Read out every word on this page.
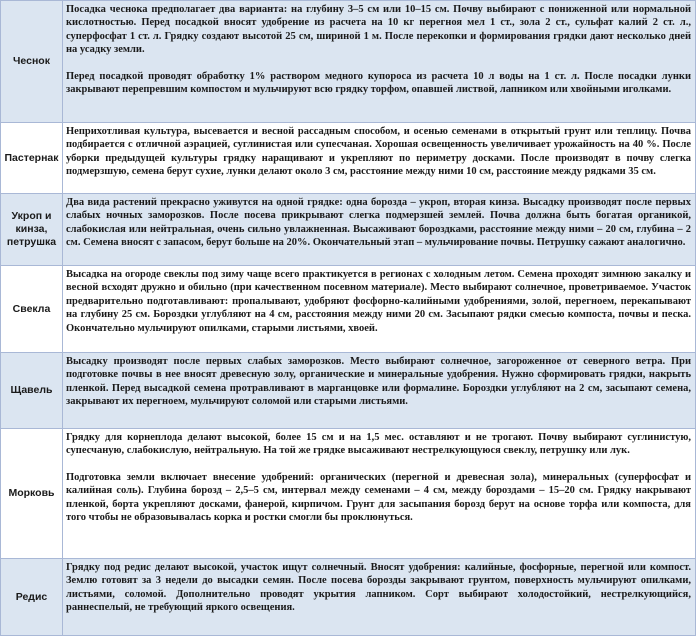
Чеснок

Посадка чеснока предполагает два варианта: на глубину 3–5 см или 10–15 см. Почву выбирают с пониженной или нормальной кислотностью. Перед посадкой вносят удобрение из расчета на 10 кг перегноя мел 1 ст., зола 2 ст., сульфат калий 2 ст. л., суперфосфат 1 ст. л. Грядку создают высотой 25 см, шириной 1 м. После перекопки и формирования грядки дают несколько дней на усадку земли.

Перед посадкой проводят обработку 1% раствором медного купороса из расчета 10 л воды на 1 ст. л. После посадки лунки закрывают перепревшим компостом и мульчируют всю грядку торфом, опавшей листвой, лапником или хвойными иголками.

Пастернак

Неприхотливая культура, высевается и весной рассадным способом, и осенью семенами в открытый грунт или теплицу. Почва подбирается с отличной аэрацией, суглинистая или супесчаная. Хорошая освещенность увеличивает урожайность на 40 %. После уборки предыдущей культуры грядку наращивают и укрепляют по периметру досками. После производят в почву слегка подмерзшую, семена берут сухие, лунки делают около 3 см, расстояние между ними 10 см, расстояние между рядками 35 см.

Укроп и кинза, петрушка

Два вида растений прекрасно уживутся на одной грядке: одна борозда – укроп, вторая кинза. Высадку производят после первых слабых ночных заморозков. После посева прикрывают слегка подмерзшей землей. Почва должна быть богатая органикой, слабокислая или нейтральная, очень сильно увлажненная. Высаживают бороздками, расстояние между ними – 20 см, глубина – 2 см. Семена вносят с запасом, берут больше на 20%. Окончательный этап – мульчирование почвы. Петрушку сажают аналогично.

Свекла

Высадка на огороде свеклы под зиму чаще всего практикуется в регионах с холодным летом. Семена проходят зимнюю закалку и весной всходят дружно и обильно (при качественном посевном материале). Место выбирают солнечное, проветриваемое. Участок предварительно подготавливают: пропалывают, удобряют фосфорно-калийными удобрениями, золой, перегноем, перекапывают на глубину 25 см. Бороздки углубляют на 4 см, расстояния между ними 20 см. Засыпают рядки смесью компоста, почвы и песка. Окончательно мульчируют опилками, старыми листьями, хвоей.

Щавель

Высадку производят после первых слабых заморозков. Место выбирают солнечное, загороженное от северного ветра. При подготовке почвы в нее вносят древесную золу, органические и минеральные удобрения. Нужно сформировать грядки, накрыть пленкой. Перед высадкой семена протравливают в марганцовке или формалине. Бороздки углубляют на 2 см, засыпают семена, закрывают их перегноем, мульчируют соломой или старыми листьями.

Морковь

Грядку для корнеплода делают высокой, более 15 см и на 1,5 мес. оставляют и не трогают. Почву выбирают суглинистую, супесчаную, слабокислую, нейтральную. На той же грядке высаживают нестрелкующуюся свеклу, петрушку или лук.

Подготовка земли включает внесение удобрений: органических (перегной и древесная зола), минеральных (суперфосфат и калийная соль). Глубина борозд – 2,5–5 см, интервал между семенами – 4 см, между бороздами – 15–20 см. Грядку накрывают пленкой, борта укрепляют досками, фанерой, кирпичом. Грунт для засыпания борозд берут на основе торфа или компоста, для того чтобы не образовывалась корка и ростки смогли бы проклюнуться.

Редис

Грядку под редис делают высокой, участок ищут солнечный. Вносят удобрения: калийные, фосфорные, перегной или компост. Землю готовят за 3 недели до высадки семян. После посева борозды закрывают грунтом, поверхность мульчируют опилками, листьями, соломой. Дополнительно проводят укрытия лапником. Сорт выбирают холодостойкий, нестрелкующийся, раннеспелый, не требующий яркого освещения.
